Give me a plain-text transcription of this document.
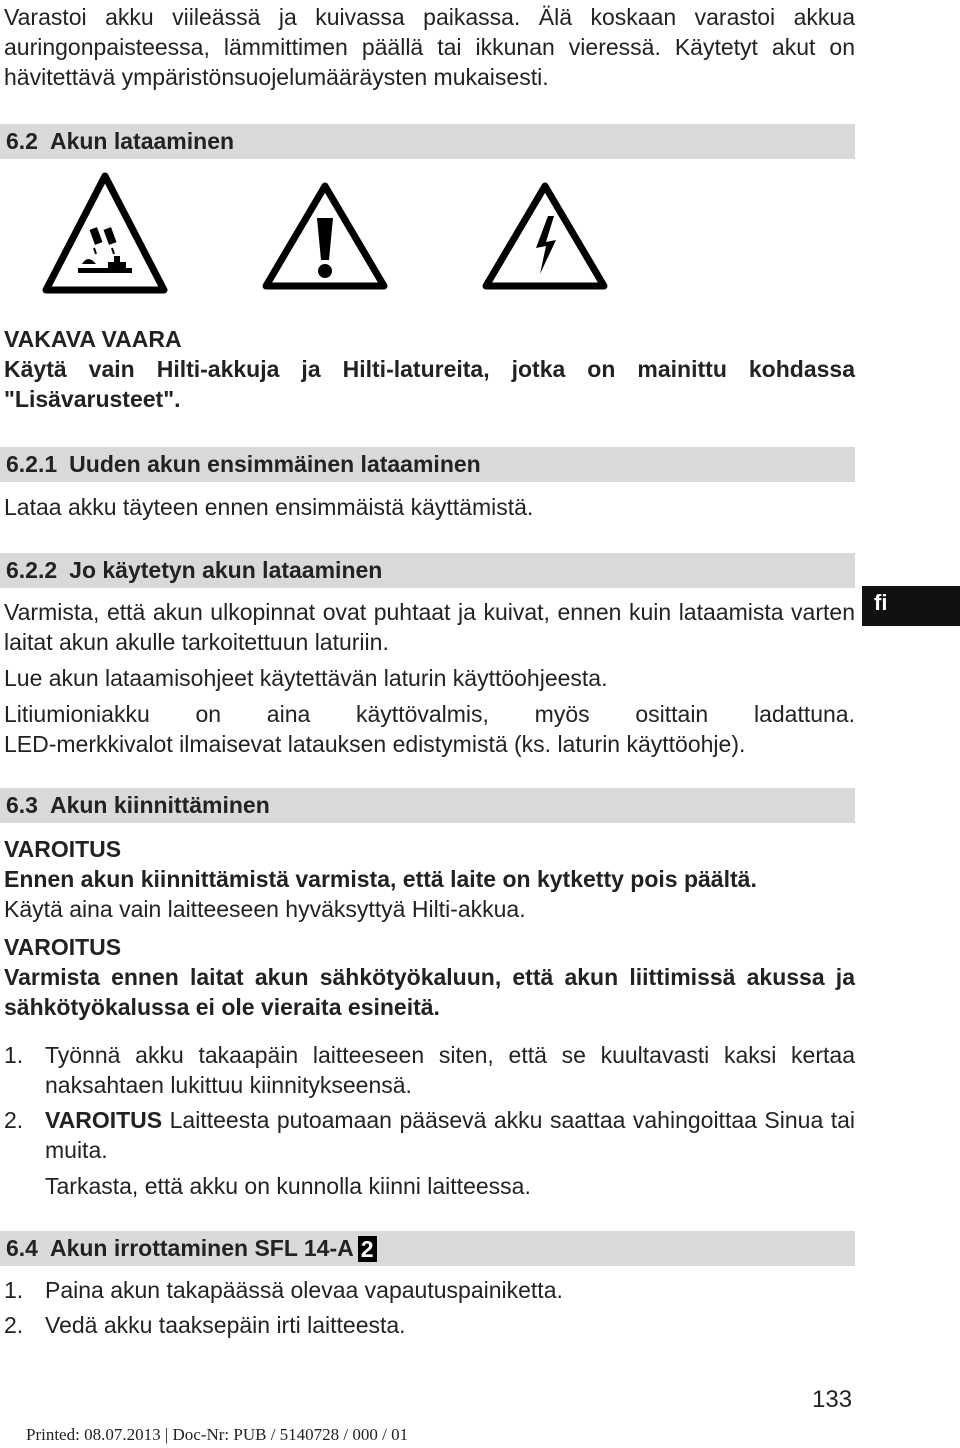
Varastoi akku viileässä ja kuivassa paikassa. Älä koskaan varastoi akkua auringonpaisteessa, lämmittimen päällä tai ikkunan vieressä. Käytetyt akut on hävitettävä ympäristönsuojelumääräysten mukaisesti.

6.2 Akun lataaminen

VAKAVA VAARA

Käytä vain Hilti-akkuja ja Hilti-latureita, jotka on mainittu kohdassa "Lisävarusteet".

6.2.1 Uuden akun ensimmäinen lataaminen

Lataa akku täyteen ennen ensimmäistä käyttämistä.

6.2.2 Jo käytetyn akun lataaminen

Varmista, että akun ulkopinnat ovat puhtaat ja kuivat, ennen kuin lataamista varten laitat akun akulle tarkoitettuun laturiin.

Lue akun lataamisohjeet käytettävän laturin käyttöohjeesta.

Litiumioniakku on aina käyttövalmis, myös osittain ladattuna.

LED-merkkivalot ilmaisevat latauksen edistymistä (ks. laturin käyttöohje).

6.3 Akun kiinnittäminen

VAROITUS

Ennen akun kiinnittämistä varmista, että laite on kytketty pois päältä.

Käytä aina vain laitteeseen hyväksyttyä Hilti-akkua.

VAROITUS

Varmista ennen laitat akun sähkötyökaluun, että akun liittimissä akussa ja sähkötyökalussa ei ole vieraita esineitä.

1. Työnnä akku takaapäin laitteeseen siten, että se kuultavasti kaksi kertaa naksahtaen lukittuu kiinnitykseensä.
2. VAROITUS Laitteesta putoamaan pääsevä akku saattaa vahingoittaa Sinua tai muita.
Tarkasta, että akku on kunnolla kiinni laitteessa.
6.4 Akun irrottaminen SFL 14-A 2
1. Paina akun takapäässä olevaa vapautuspainiketta.
2. Vedä akku taaksepäin irti laitteesta.
fi
133
Printed: 08.07.2013 | Doc-Nr: PUB / 5140728 / 000 / 01
